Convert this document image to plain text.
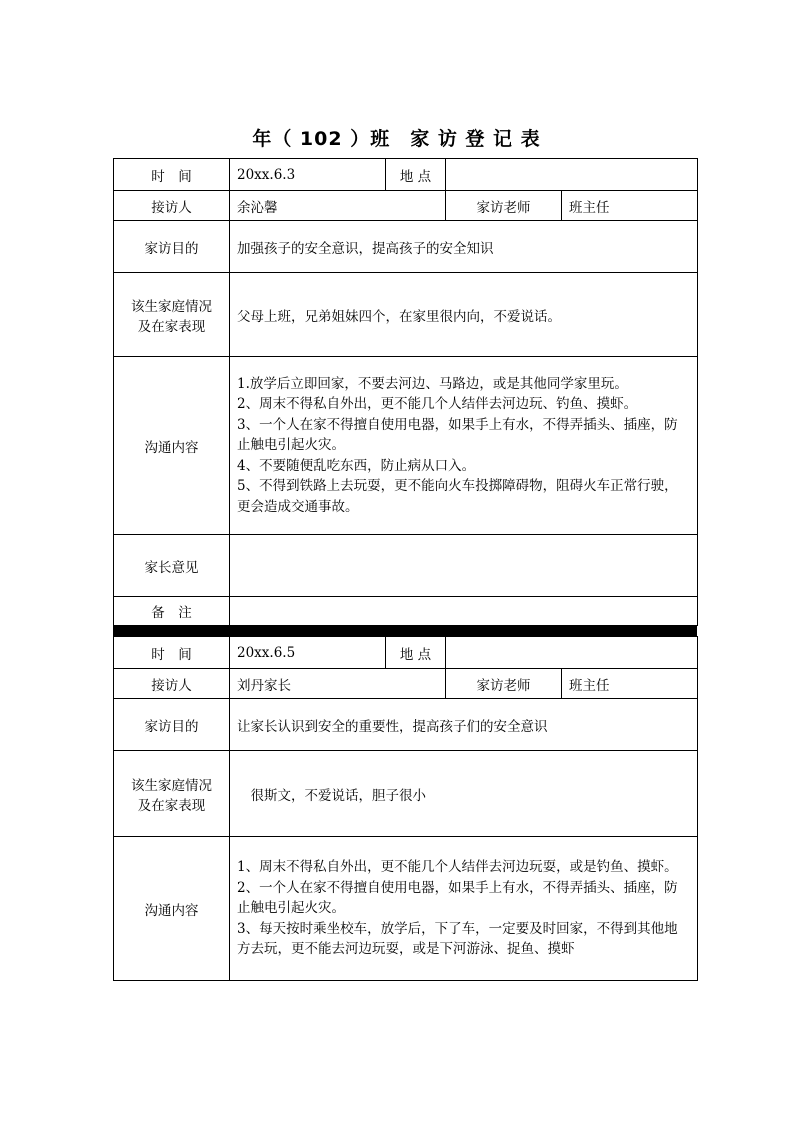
年（ 102 ）班　家 访 登 记 表
时　间	20xx.6.3	地 点		
接访人	余沁馨		家访老师	班主任
家访目的	加强孩子的安全意识，提高孩子的安全知识			

该生家庭情况
及在家表现	父母上班，兄弟姐妹四个，在家里很内向，不爱说话。			
沟通内容	1.放学后立即回家，不要去河边、马路边，或是其他同学家里玩。
2、周末不得私自外出，更不能几个人结伴去河边玩、钓鱼、摸虾。
3、一个人在家不得擅自使用电器，如果手上有水，不得弄插头、插座，防止触电引起火灾。
4、不要随便乱吃东西，防止病从口入。
5、不得到铁路上去玩耍，更不能向火车投掷障碍物，阻碍火车正常行驶，更会造成交通事故。			

家长意见				
备　注				
时　间	20xx.6.5	地 点		
接访人	刘丹家长		家访老师	班主任
家访目的	让家长认识到安全的重要性，提高孩子们的安全意识			

该生家庭情况
及在家表现	　很斯文，不爱说话，胆子很小			
沟通内容	1、周末不得私自外出，更不能几个人结伴去河边玩耍，或是钓鱼、摸虾。
2、一个人在家不得擅自使用电器，如果手上有水，不得弄插头、插座，防止触电引起火灾。
3、每天按时乘坐校车，放学后，下了车，一定要及时回家，不得到其他地方去玩，更不能去河边玩耍，或是下河游泳、捉鱼、摸虾			
